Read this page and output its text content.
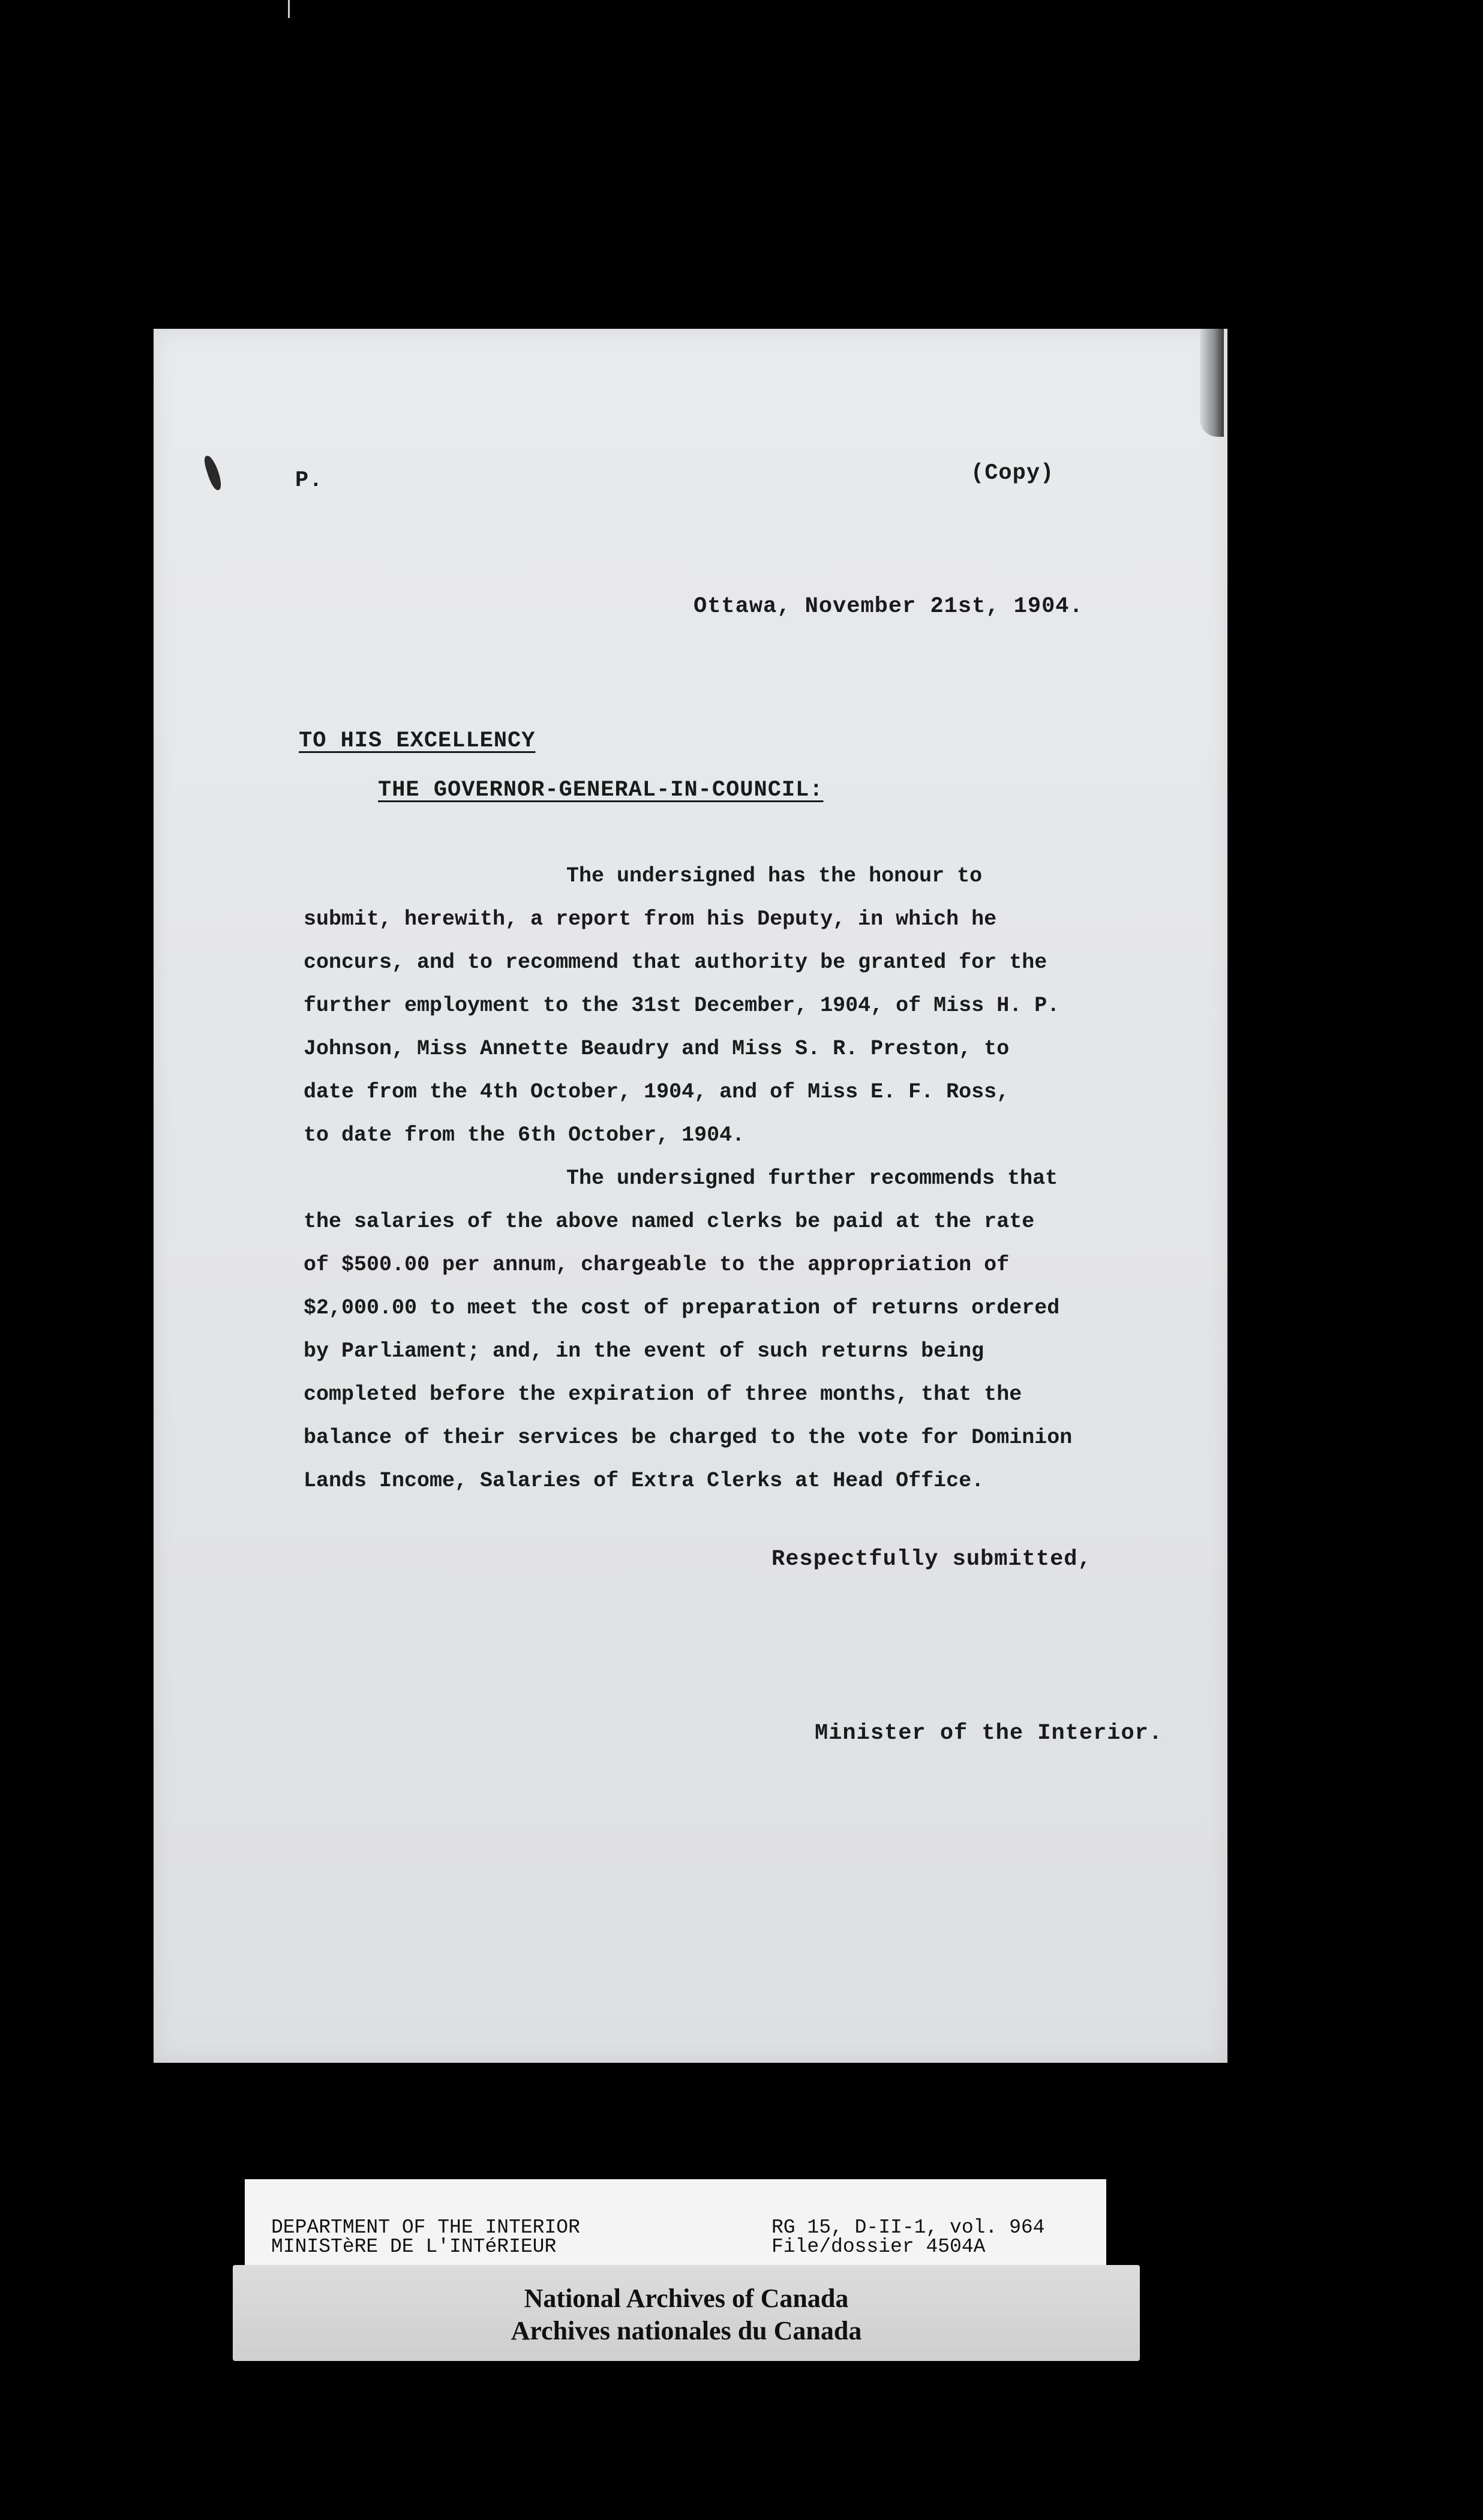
P.	(Copy)

Ottawa, November 21st, 1904.

TO HIS EXCELLENCY

THE GOVERNOR-GENERAL-IN-COUNCIL:

The undersigned has the honour to

submit, herewith, a report from his Deputy, in which he

concurs, and to recommend that authority be granted for the

further employment to the 31st December, 1904, of Miss H. P.

Johnson, Miss Annette Beaudry and Miss S. R. Preston, to

date from the 4th October, 1904, and of Miss E. F. Ross,

to date from the 6th October, 1904.

The undersigned further recommends that

the salaries of the above named clerks be paid at the rate

of $500.00 per annum, chargeable to the appropriation of

$2,000.00 to meet the cost of preparation of returns ordered

by Parliament; and, in the event of such returns being

completed before the expiration of three months, that the

balance of their services be charged to the vote for Dominion

Lands Income, Salaries of Extra Clerks at Head Office.

Respectfully submitted,

Minister of the Interior.

DEPARTMENT OF THE INTERIOR

MINISTèRE DE L'INTéRIEUR

RG 15, D-II-1, vol. 964

File/dossier 4504A

National Archives of Canada

Archives nationales du Canada
